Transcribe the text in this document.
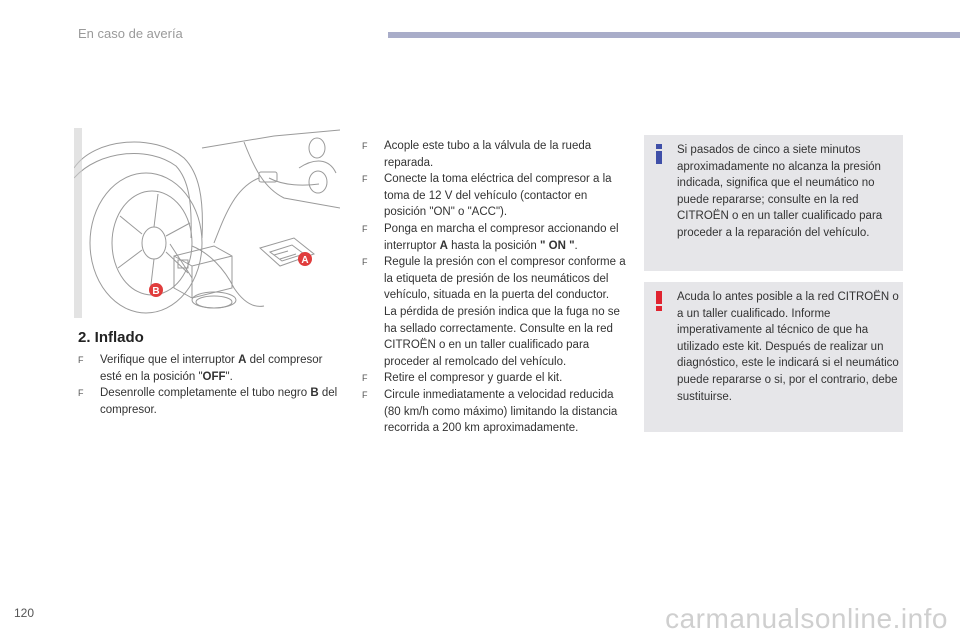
En caso de avería
A
B
2. Inflado
F Verifique que el interruptor A del compresor esté en la posición "OFF".
F Desenrolle completamente el tubo negro B del compresor.
F Acople este tubo a la válvula de la rueda reparada.
F Conecte la toma eléctrica del compresor a la toma de 12 V del vehículo (contactor en posición "ON" o "ACC").
F Ponga en marcha el compresor accionando el interruptor A hasta la posición " ON ".
F Regule la presión con el compresor conforme a la etiqueta de presión de los neumáticos del vehículo, situada en la puerta del conductor.
La pérdida de presión indica que la fuga no se ha sellado correctamente. Consulte en la red CITROËN o en un taller cualificado para proceder al remolcado del vehículo.
F Retire el compresor y guarde el kit.
F Circule inmediatamente a velocidad reducida (80 km/h como máximo) limitando la distancia recorrida a 200 km aproximadamente.
Si pasados de cinco a siete minutos aproximadamente no alcanza la presión indicada, significa que el neumático no puede repararse; consulte en la red CITROËN o en un taller cualificado para proceder a la reparación del vehículo.
Acuda lo antes posible a la red CITROËN o a un taller cualificado. Informe imperativamente al técnico de que ha utilizado este kit. Después de realizar un diagnóstico, este le indicará si el neumático puede repararse o si, por el contrario, debe sustituirse.
120	carmanualsonline.info
